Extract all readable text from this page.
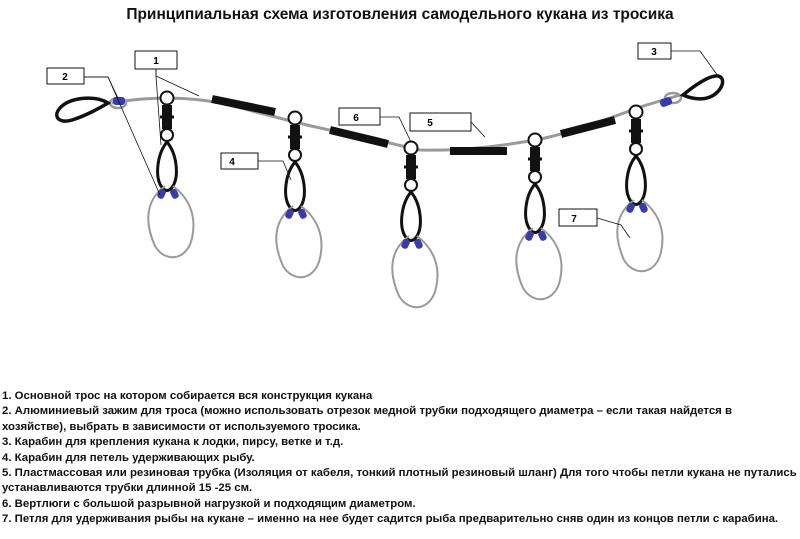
Принципиальная схема изготовления самодельного кукана из тросика
1
2
3
4
5
6
7
1. Основной трос на котором собирается вся конструкция кукана
2. Алюминиевый зажим для троса (можно использовать отрезок медной трубки подходящего диаметра – если такая найдется в хозяйстве), выбрать в зависимости от используемого тросика.
3. Карабин для крепления кукана к лодки, пирсу, ветке и т.д.
4. Карабин для петель удерживающих рыбу.
5. Пластмассовая или резиновая трубка (Изоляция от кабеля, тонкий плотный резиновый шланг) Для того чтобы петли кукана не путались устанавливаются трубки длинной 15 -25 см.
6. Вертлюги с большой разрывной нагрузкой и подходящим диаметром.
7. Петля для удерживания рыбы на кукане – именно на нее будет садится рыба предварительно сняв один из концов петли с карабина.
